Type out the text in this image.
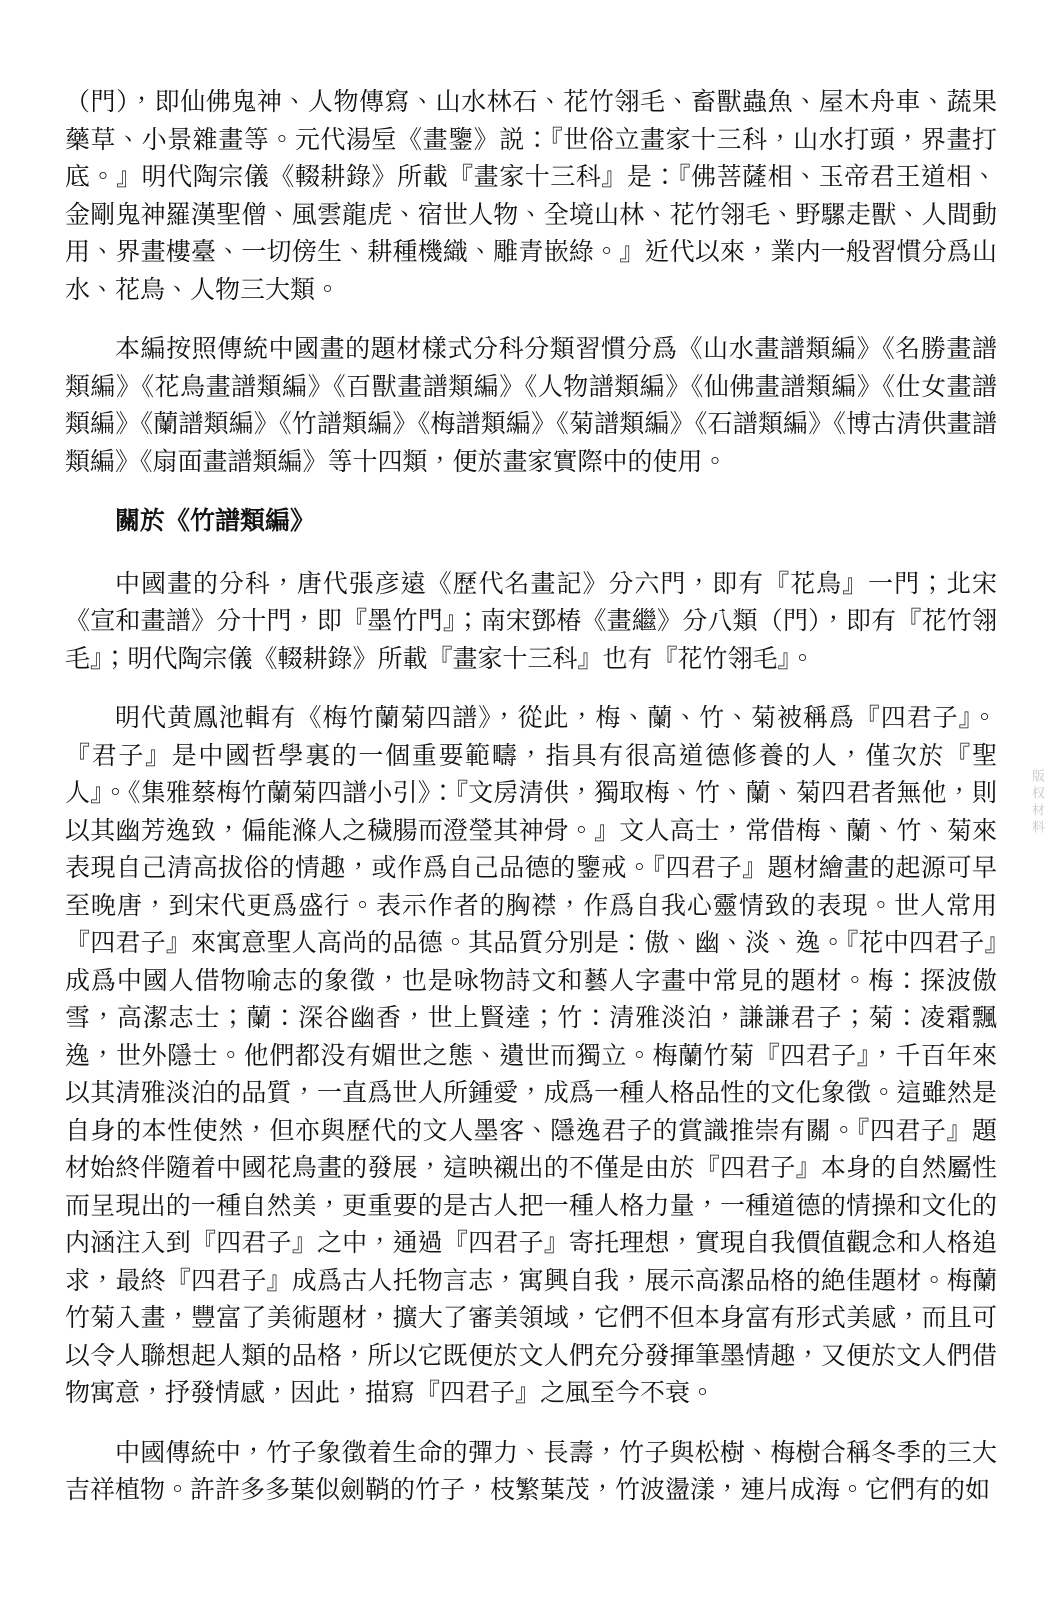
（門），即仙佛鬼神、人物傳寫、山水林石、花竹翎毛、畜獸蟲魚、屋木舟車、蔬果藥草、小景雜畫等。元代湯垕《畫鑒》説：『世俗立畫家十三科，山水打頭，界畫打底。』明代陶宗儀《輟耕錄》所載『畫家十三科』是：『佛菩薩相、玉帝君王道相、金剛鬼神羅漢聖僧、風雲龍虎、宿世人物、全境山林、花竹翎毛、野騾走獸、人間動用、界畫樓臺、一切傍生、耕種機織、雕青嵌綠。』近代以來，業内一般習慣分爲山水、花鳥、人物三大類。

本編按照傳統中國畫的題材樣式分科分類習慣分爲《山水畫譜類編》《名勝畫譜類編》《花鳥畫譜類編》《百獸畫譜類編》《人物譜類編》《仙佛畫譜類編》《仕女畫譜類編》《蘭譜類編》《竹譜類編》《梅譜類編》《菊譜類編》《石譜類編》《博古清供畫譜類編》《扇面畫譜類編》等十四類，便於畫家實際中的使用。

關於《竹譜類編》

中國畫的分科，唐代張彦遠《歷代名畫記》分六門，即有『花鳥』一門；北宋《宣和畫譜》分十門，即『墨竹門』；南宋鄧椿《畫繼》分八類（門），即有『花竹翎毛』；明代陶宗儀《輟耕錄》所載『畫家十三科』也有『花竹翎毛』。

明代黄鳳池輯有《梅竹蘭菊四譜》，從此，梅、蘭、竹、菊被稱爲『四君子』。『君子』是中國哲學裏的一個重要範疇，指具有很高道德修養的人，僅次於『聖人』。《集雅蔡梅竹蘭菊四譜小引》：『文房清供，獨取梅、竹、蘭、菊四君者無他，則以其幽芳逸致，偏能滌人之穢腸而澄瑩其神骨。』文人高士，常借梅、蘭、竹、菊來表現自己清高拔俗的情趣，或作爲自己品德的鑒戒。『四君子』題材繪畫的起源可早至晚唐，到宋代更爲盛行。表示作者的胸襟，作爲自我心靈情致的表現。世人常用『四君子』來寓意聖人高尚的品德。其品質分別是：傲、幽、淡、逸。『花中四君子』成爲中國人借物喻志的象徵，也是咏物詩文和藝人字畫中常見的題材。梅：探波傲雪，高潔志士；蘭：深谷幽香，世上賢達；竹：清雅淡泊，謙謙君子；菊：凌霜飄逸，世外隱士。他們都没有媚世之態、遺世而獨立。梅蘭竹菊『四君子』，千百年來以其清雅淡泊的品質，一直爲世人所鍾愛，成爲一種人格品性的文化象徵。這雖然是自身的本性使然，但亦與歷代的文人墨客、隱逸君子的賞識推崇有關。『四君子』題材始終伴隨着中國花鳥畫的發展，這映襯出的不僅是由於『四君子』本身的自然屬性而呈現出的一種自然美，更重要的是古人把一種人格力量，一種道德的情操和文化的内涵注入到『四君子』之中，通過『四君子』寄托理想，實現自我價值觀念和人格追求，最終『四君子』成爲古人托物言志，寓興自我，展示高潔品格的絶佳題材。梅蘭竹菊入畫，豐富了美術題材，擴大了審美領域，它們不但本身富有形式美感，而且可以令人聯想起人類的品格，所以它既便於文人們充分發揮筆墨情趣，又便於文人們借物寓意，抒發情感，因此，描寫『四君子』之風至今不衰。

中國傳統中，竹子象徵着生命的彈力、長壽，竹子與松樹、梅樹合稱冬季的三大吉祥植物。許許多多葉似劍鞘的竹子，枝繁葉茂，竹波盪漾，連片成海。它們有的如

版权材料
